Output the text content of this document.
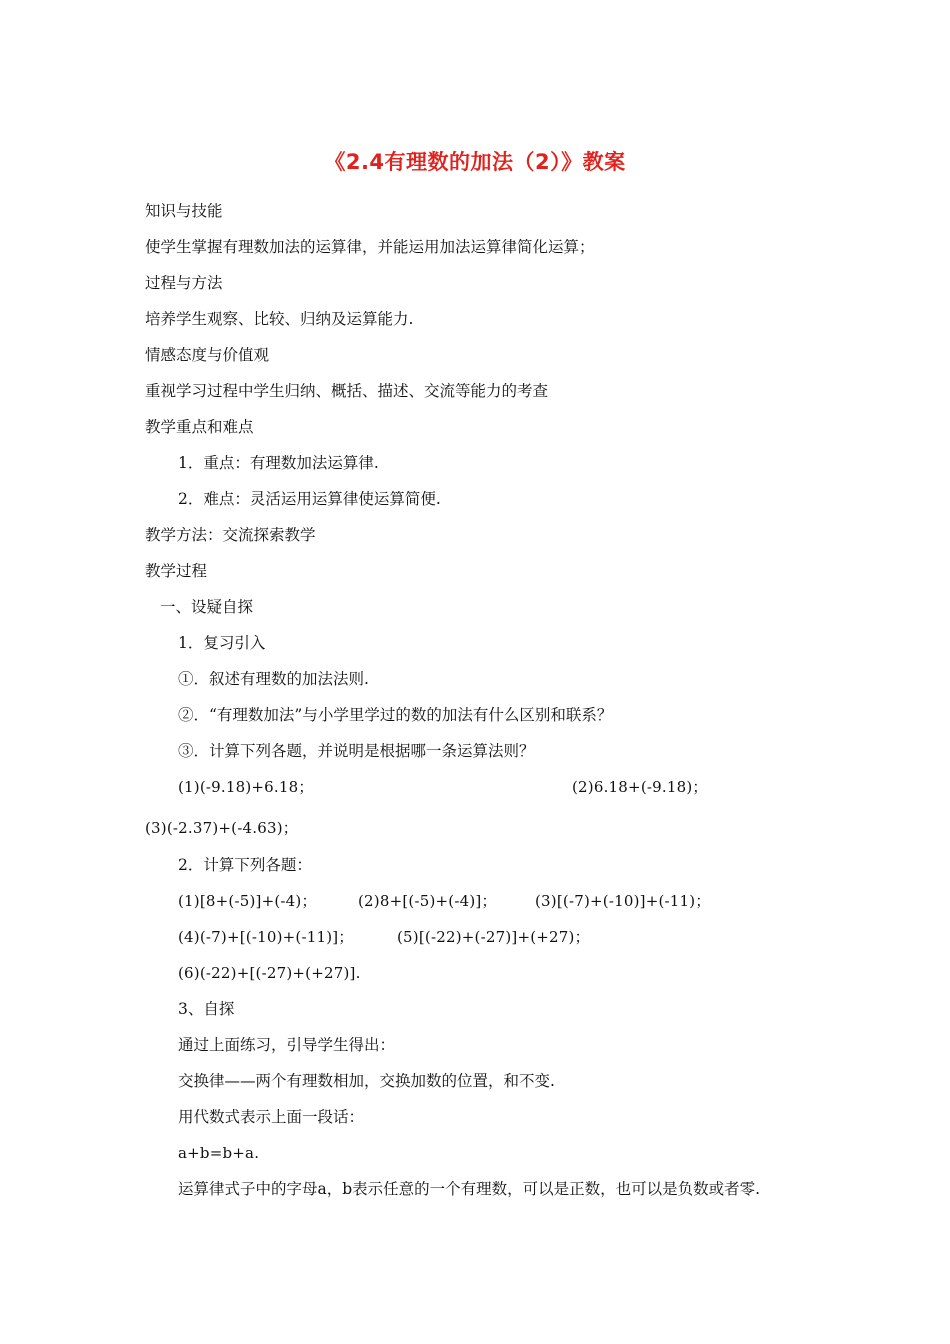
《2.4有理数的加法（2）》教案
知识与技能
使学生掌握有理数加法的运算律，并能运用加法运算律简化运算；
过程与方法
培养学生观察、比较、归纳及运算能力.
情感态度与价值观
重视学习过程中学生归纳、概括、描述、交流等能力的考查
教学重点和难点
1．重点：有理数加法运算律.
2．难点：灵活运用运算律使运算简便.
教学方法：交流探索教学
教学过程
一、设疑自探
1．复习引入
①．叙述有理数的加法法则.
②．“有理数加法”与小学里学过的数的加法有什么区别和联系？
③．计算下列各题，并说明是根据哪一条运算法则？
(1)(-9.18)+6.18；	(2)6.18+(-9.18)；
(3)(-2.37)+(-4.63)；
2．计算下列各题：
(1)[8+(-5)]+(-4)；	(2)8+[(-5)+(-4)]；	(3)[(-7)+(-10)]+(-11)；
(4)(-7)+[(-10)+(-11)]；	(5)[(-22)+(-27)]+(+27)；
(6)(-22)+[(-27)+(+27)].
3、自探
通过上面练习，引导学生得出：
交换律——两个有理数相加，交换加数的位置，和不变.
用代数式表示上面一段话：
a+b=b+a.
运算律式子中的字母a，b表示任意的一个有理数，可以是正数，也可以是负数或者零.
